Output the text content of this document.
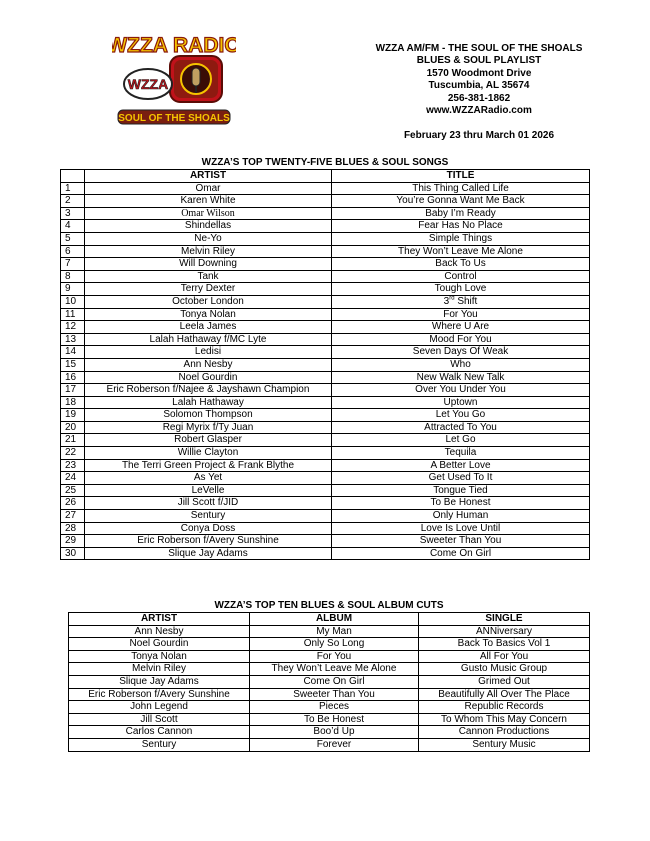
WZZA
WZZA RADIO
SOUL OF THE SHOALS
WZZA AM/FM - THE SOUL OF THE SHOALS
BLUES & SOUL PLAYLIST
1570 Woodmont Drive
Tuscumbia, AL 35674
256-381-1862
www.WZZARadio.com
February 23 thru March 01 2026
WZZA’S TOP TWENTY-FIVE BLUES & SOUL SONGS
	ARTIST	TITLE
1	Omar	This Thing Called Life
2	Karen White	You’re Gonna Want Me Back
3	Omar Wilson	Baby I’m Ready
4	Shindellas	Fear Has No Place
5	Ne-Yo	Simple Things
6	Melvin Riley	They Won’t Leave Me Alone
7	Will Downing	Back To Us
8	Tank	Control
9	Terry Dexter	Tough Love
10	October London	3rd Shift
11	Tonya Nolan	For You
12	Leela James	Where U Are
13	Lalah Hathaway f/MC Lyte	Mood For You
14	Ledisi	Seven Days Of Weak
15	Ann Nesby	Who
16	Noel Gourdin	New Walk New Talk
17	Eric Roberson f/Najee & Jayshawn Champion	Over You Under You
18	Lalah Hathaway	Uptown
19	Solomon Thompson	Let You Go
20	Regi Myrix f/Ty Juan	Attracted To You
21	Robert Glasper	Let Go
22	Willie Clayton	Tequila
23	The Terri Green Project & Frank Blythe	A Better Love
24	As Yet	Get Used To It
25	LeVelle	Tongue Tied
26	Jill Scott f/JID	To Be Honest
27	Sentury	Only Human
28	Conya Doss	Love Is Love Until
29	Eric Roberson f/Avery Sunshine	Sweeter Than You
30	Slique Jay Adams	Come On Girl
WZZA’S TOP TEN BLUES & SOUL ALBUM CUTS
ARTIST	ALBUM	SINGLE
Ann Nesby	My Man	ANNiversary
Noel Gourdin	Only So Long	Back To Basics Vol 1
Tonya Nolan	For You	All For You
Melvin Riley	They Won’t Leave Me Alone	Gusto Music Group
Slique Jay Adams	Come On Girl	Grimed Out
Eric Roberson f/Avery Sunshine	Sweeter Than You	Beautifully All Over The Place
John Legend	Pieces	Republic Records
Jill Scott	To Be Honest	To Whom This May Concern
Carlos Cannon	Boo’d Up	Cannon Productions
Sentury	Forever	Sentury Music
